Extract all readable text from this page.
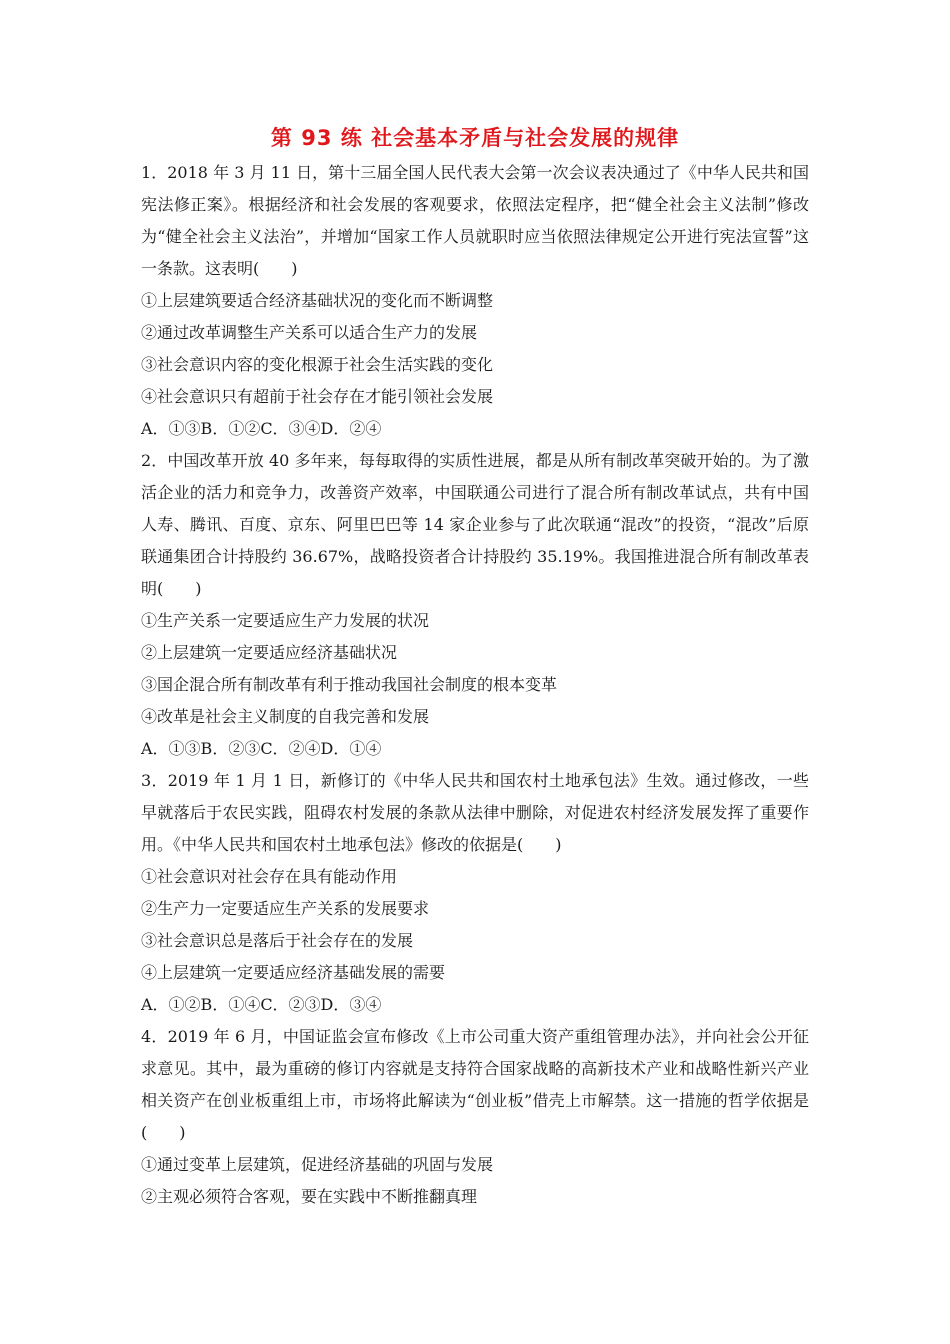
第 93 练 社会基本矛盾与社会发展的规律

1．2018 年 3 月 11 日，第十三届全国人民代表大会第一次会议表决通过了《中华人民共和国宪法修正案》。根据经济和社会发展的客观要求，依照法定程序，把“健全社会主义法制”修改为“健全社会主义法治”，并增加“国家工作人员就职时应当依照法律规定公开进行宪法宣誓”这一条款。这表明(　　)

①上层建筑要适合经济基础状况的变化而不断调整

②通过改革调整生产关系可以适合生产力的发展

③社会意识内容的变化根源于社会生活实践的变化

④社会意识只有超前于社会存在才能引领社会发展

A．①③B．①②C．③④D．②④

2．中国改革开放 40 多年来，每每取得的实质性进展，都是从所有制改革突破开始的。为了激活企业的活力和竞争力，改善资产效率，中国联通公司进行了混合所有制改革试点，共有中国人寿、腾讯、百度、京东、阿里巴巴等 14 家企业参与了此次联通“混改”的投资，“混改”后原联通集团合计持股约 36.67%，战略投资者合计持股约 35.19%。我国推进混合所有制改革表明(　　)

①生产关系一定要适应生产力发展的状况

②上层建筑一定要适应经济基础状况

③国企混合所有制改革有利于推动我国社会制度的根本变革

④改革是社会主义制度的自我完善和发展

A．①③B．②③C．②④D．①④

3．2019 年 1 月 1 日，新修订的《中华人民共和国农村土地承包法》生效。通过修改，一些早就落后于农民实践，阻碍农村发展的条款从法律中删除，对促进农村经济发展发挥了重要作用。《中华人民共和国农村土地承包法》修改的依据是(　　)

①社会意识对社会存在具有能动作用

②生产力一定要适应生产关系的发展要求

③社会意识总是落后于社会存在的发展

④上层建筑一定要适应经济基础发展的需要

A．①②B．①④C．②③D．③④

4．2019 年 6 月，中国证监会宣布修改《上市公司重大资产重组管理办法》，并向社会公开征求意见。其中，最为重磅的修订内容就是支持符合国家战略的高新技术产业和战略性新兴产业相关资产在创业板重组上市，市场将此解读为“创业板”借壳上市解禁。这一措施的哲学依据是(　　)

①通过变革上层建筑，促进经济基础的巩固与发展

②主观必须符合客观，要在实践中不断推翻真理
